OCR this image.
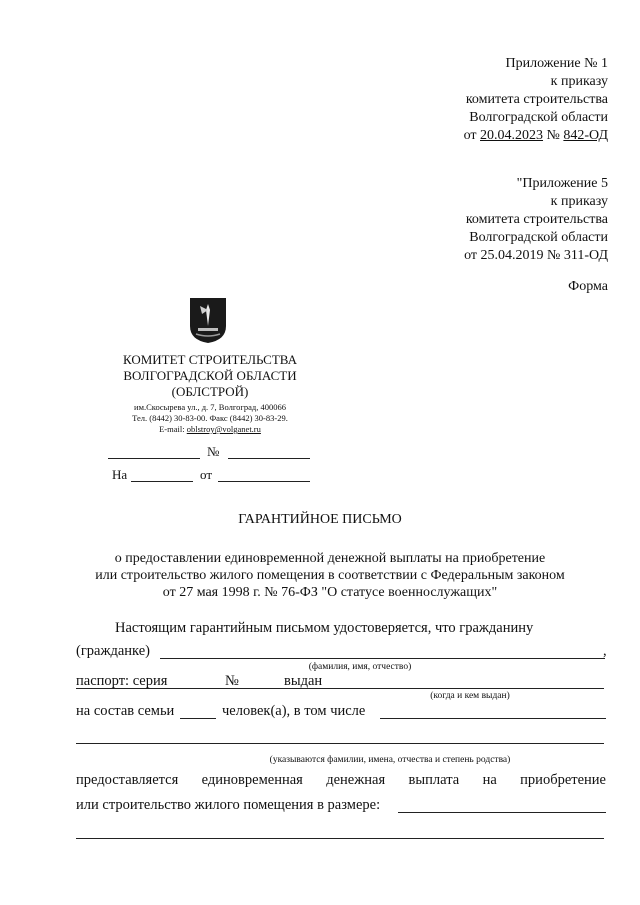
Приложение № 1
к приказу
комитета строительства
Волгоградской области
от 20.04.2023 № 842-ОД
"Приложение 5
к приказу
комитета строительства
Волгоградской области
от 25.04.2019 № 311-ОД
Форма
КОМИТЕТ СТРОИТЕЛЬСТВА
ВОЛГОГРАДСКОЙ ОБЛАСТИ
(ОБЛСТРОЙ)
им.Скосырева ул., д. 7, Волгоград, 400066
Тел. (8442) 30-83-00. Факс (8442) 30-83-29.
E-mail: oblstroy@volganet.ru
№
На	от
ГАРАНТИЙНОЕ ПИСЬМО
о предоставлении единовременной денежной выплаты на приобретение
или строительство жилого помещения в соответствии с Федеральным законом
от 27 мая 1998 г. № 76-ФЗ "О статусе военнослужащих"
Настоящим гарантийным письмом удостоверяется, что гражданину
(гражданке)	,
(фамилия, имя, отчество)
паспорт: серия	№	выдан
(когда и кем выдан)
на состав семьи	человек(а), в том числе
(указываются фамилии, имена, отчества и степень родства)
предоставляется единовременная денежная выплата на приобретение
или строительство жилого помещения в размере:
